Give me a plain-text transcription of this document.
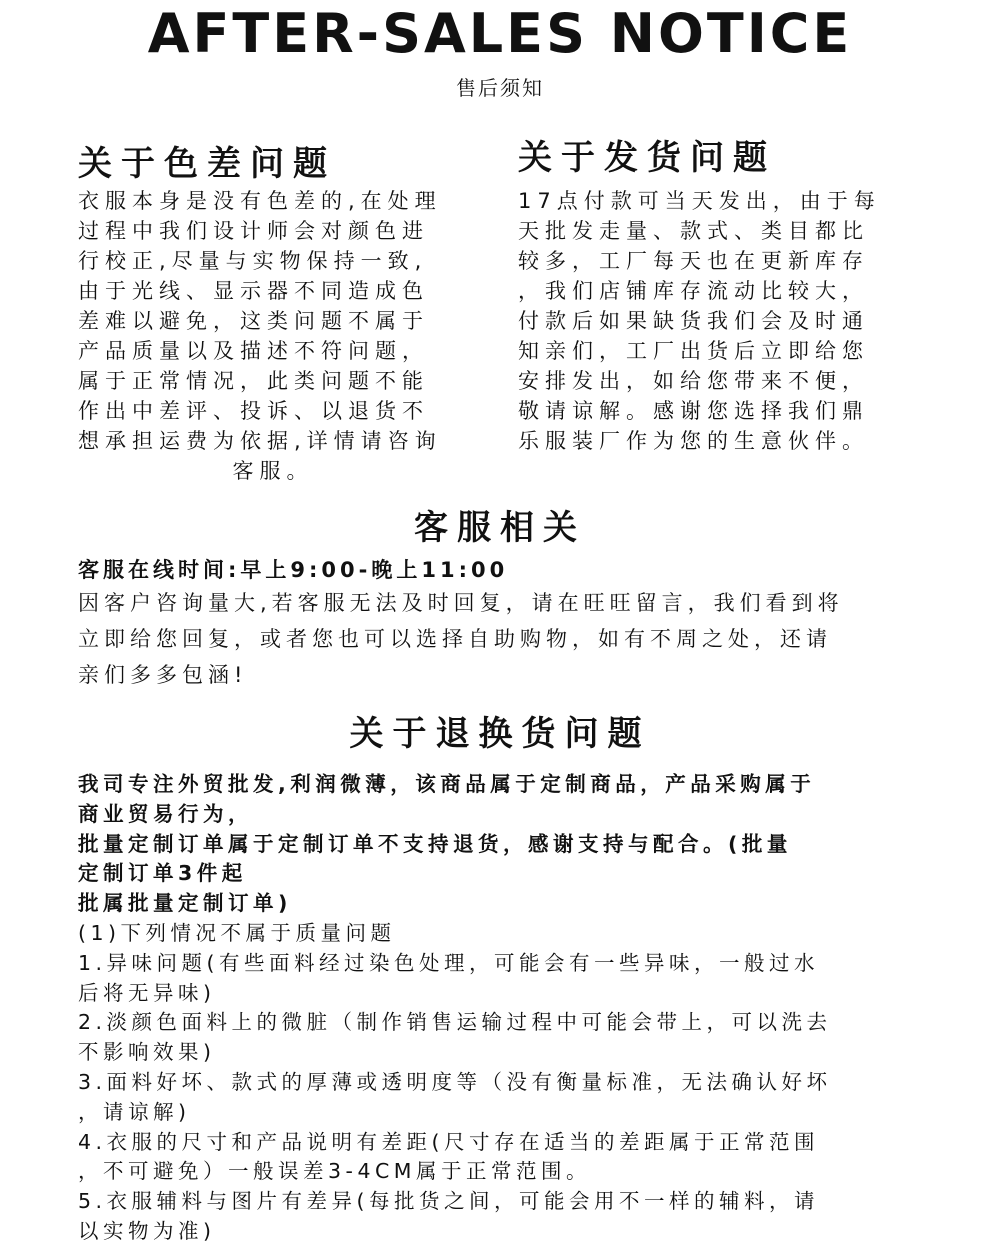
AFTER-SALES NOTICE
售后须知
关于色差问题
衣服本身是没有色差的,在处理
过程中我们设计师会对颜色进
行校正,尽量与实物保持一致,
由于光线、显示器不同造成色
差难以避免，这类问题不属于
产品质量以及描述不符问题，
属于正常情况，此类问题不能
作出中差评、投诉、以退货不
想承担运费为依据,详情请咨询
客服。
关于发货问题
17点付款可当天发出，由于每
天批发走量、款式、类目都比
较多，工厂每天也在更新库存
，我们店铺库存流动比较大，
付款后如果缺货我们会及时通
知亲们，工厂出货后立即给您
安排发出，如给您带来不便，
敬请谅解。感谢您选择我们鼎
乐服装厂作为您的生意伙伴。
客服相关
客服在线时间:早上9:00-晚上11:00
因客户咨询量大,若客服无法及时回复，请在旺旺留言，我们看到将
立即给您回复，或者您也可以选择自助购物，如有不周之处，还请
亲们多多包涵!
关于退换货问题
我司专注外贸批发,利润微薄，该商品属于定制商品，产品采购属于
商业贸易行为，
批量定制订单属于定制订单不支持退货，感谢支持与配合。(批量
定制订单3件起
批属批量定制订单)
(1)下列情况不属于质量问题
1.异味问题(有些面料经过染色处理，可能会有一些异味，一般过水
后将无异味)
2.淡颜色面料上的微脏（制作销售运输过程中可能会带上，可以洗去
不影响效果)
3.面料好坏、款式的厚薄或透明度等（没有衡量标准，无法确认好坏
，请谅解)
4.衣服的尺寸和产品说明有差距(尺寸存在适当的差距属于正常范围
，不可避免）一般误差3-4CM属于正常范围。
5.衣服辅料与图片有差异(每批货之间，可能会用不一样的辅料，请
以实物为准)
